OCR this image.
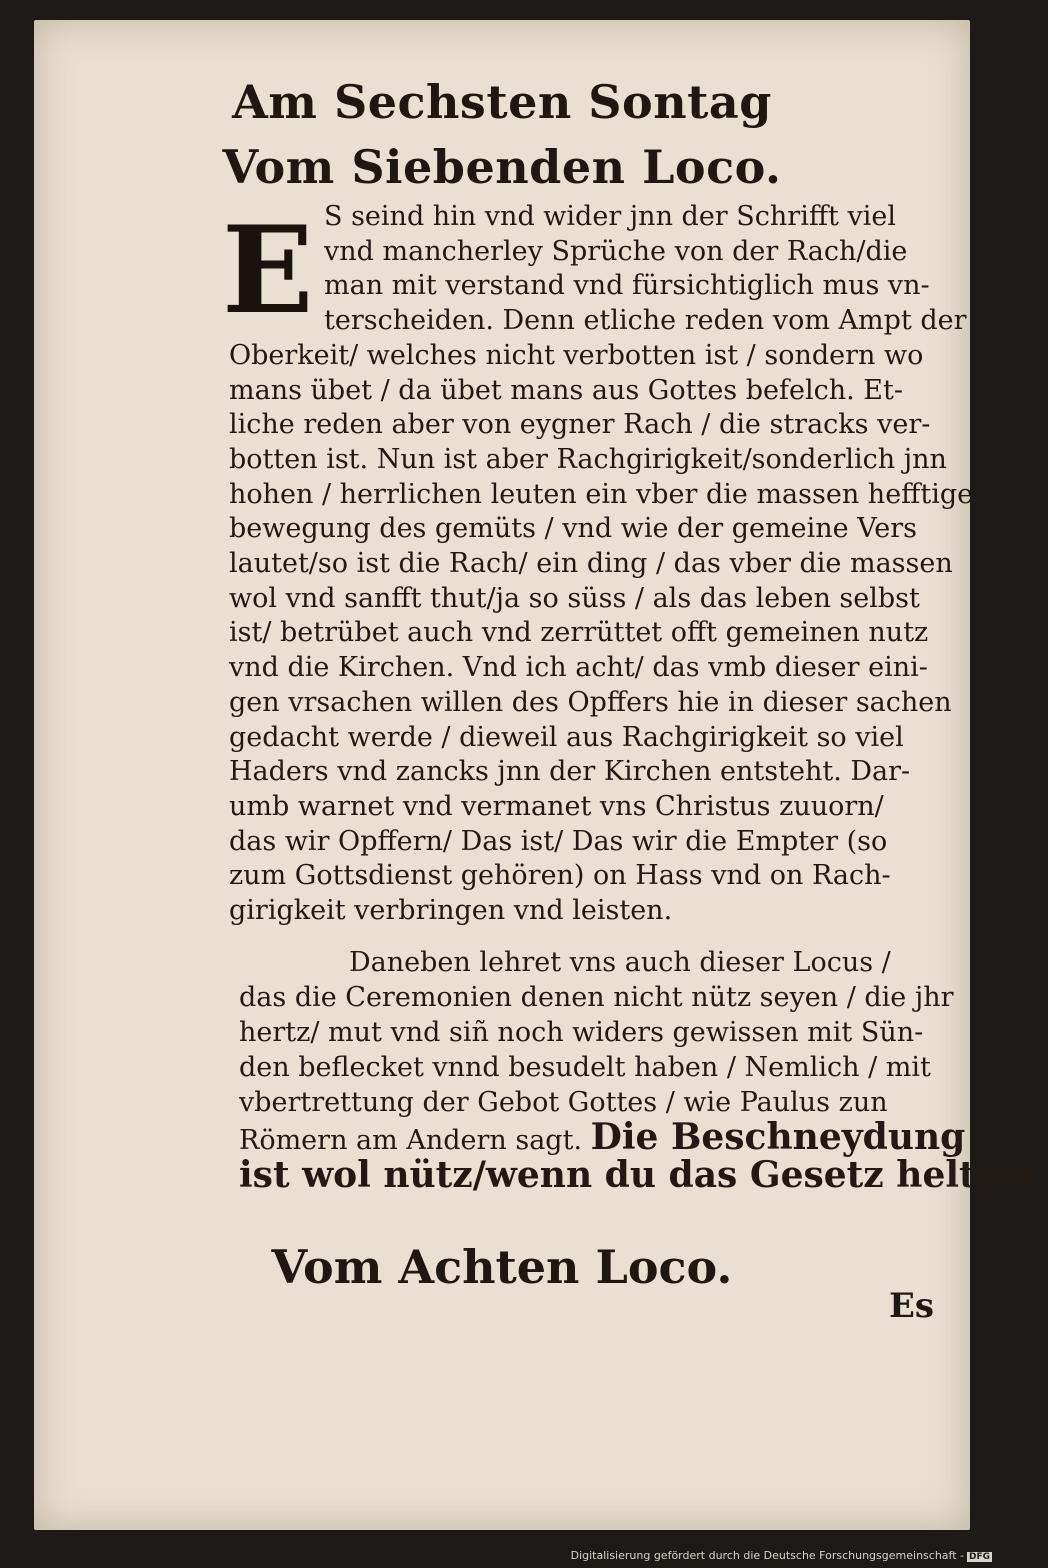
Am Sechsten Sontag
Vom Siebenden Loco.
E S seind hin vnd wider jnn der Schrifft viel
vnd mancherley Sprüche von der Rach/die
man mit verstand vnd fürsichtiglich mus vn-
terscheiden. Denn etliche reden vom Ampt der
Oberkeit/ welches nicht verbotten ist / sondern wo
mans übet / da übet mans aus Gottes befelch. Et-
liche reden aber von eygner Rach / die stracks ver-
botten ist. Nun ist aber Rachgirigkeit/sonderlich jnn
hohen / herrlichen leuten ein vber die massen hefftige
bewegung des gemüts / vnd wie der gemeine Vers
lautet/so ist die Rach/ ein ding / das vber die massen
wol vnd sanfft thut/ja so süss / als das leben selbst
ist/ betrübet auch vnd zerrüttet offt gemeinen nutz
vnd die Kirchen. Vnd ich acht/ das vmb dieser eini-
gen vrsachen willen des Opffers hie in dieser sachen
gedacht werde / dieweil aus Rachgirigkeit so viel
Haders vnd zancks jnn der Kirchen entsteht. Dar-
umb warnet vnd vermanet vns Christus zuuorn/
das wir Opffern/ Das ist/ Das wir die Empter (so
zum Gottsdienst gehören) on Hass vnd on Rach-
girigkeit verbringen vnd leisten.
Daneben lehret vns auch dieser Locus /
das die Ceremonien denen nicht nütz seyen / die jhr
hertz/ mut vnd siñ noch widers gewissen mit Sün-
den beflecket vnnd besudelt haben / Nemlich / mit
vbertrettung der Gebot Gottes / wie Paulus zun
Römern am Andern sagt. Die Beschneydung
ist wol nütz/wenn du das Gesetz heltest.
Vom Achten Loco.
Es
Digitalisierung gefördert durch die Deutsche Forschungsgemeinschaft - DFG
